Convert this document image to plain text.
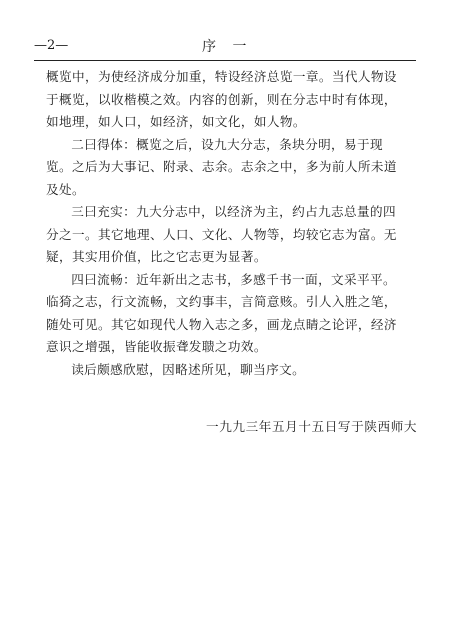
—2—	序 一

概览中，为使经济成分加重，特设经济总览一章。当代人物设于概览，以收楷模之效。内容的创新，则在分志中时有体现，如地理，如人口，如经济，如文化，如人物。

二曰得体：概览之后，设九大分志，条块分明，易于现览。之后为大事记、附录、志余。志余之中，多为前人所未道及处。

三曰充实：九大分志中，以经济为主，约占九志总量的四分之一。其它地理、人口、文化、人物等，均较它志为富。无疑，其实用价值，比之它志更为显著。

四曰流畅：近年新出之志书，多感千书一面，文采平平。临猗之志，行文流畅，文约事丰，言简意赅。引人入胜之笔，随处可见。其它如现代人物入志之多，画龙点睛之论评，经济意识之增强，皆能收振聋发聩之功效。

读后颇感欣慰，因略述所见，聊当序文。

一九九三年五月十五日写于陕西师大
